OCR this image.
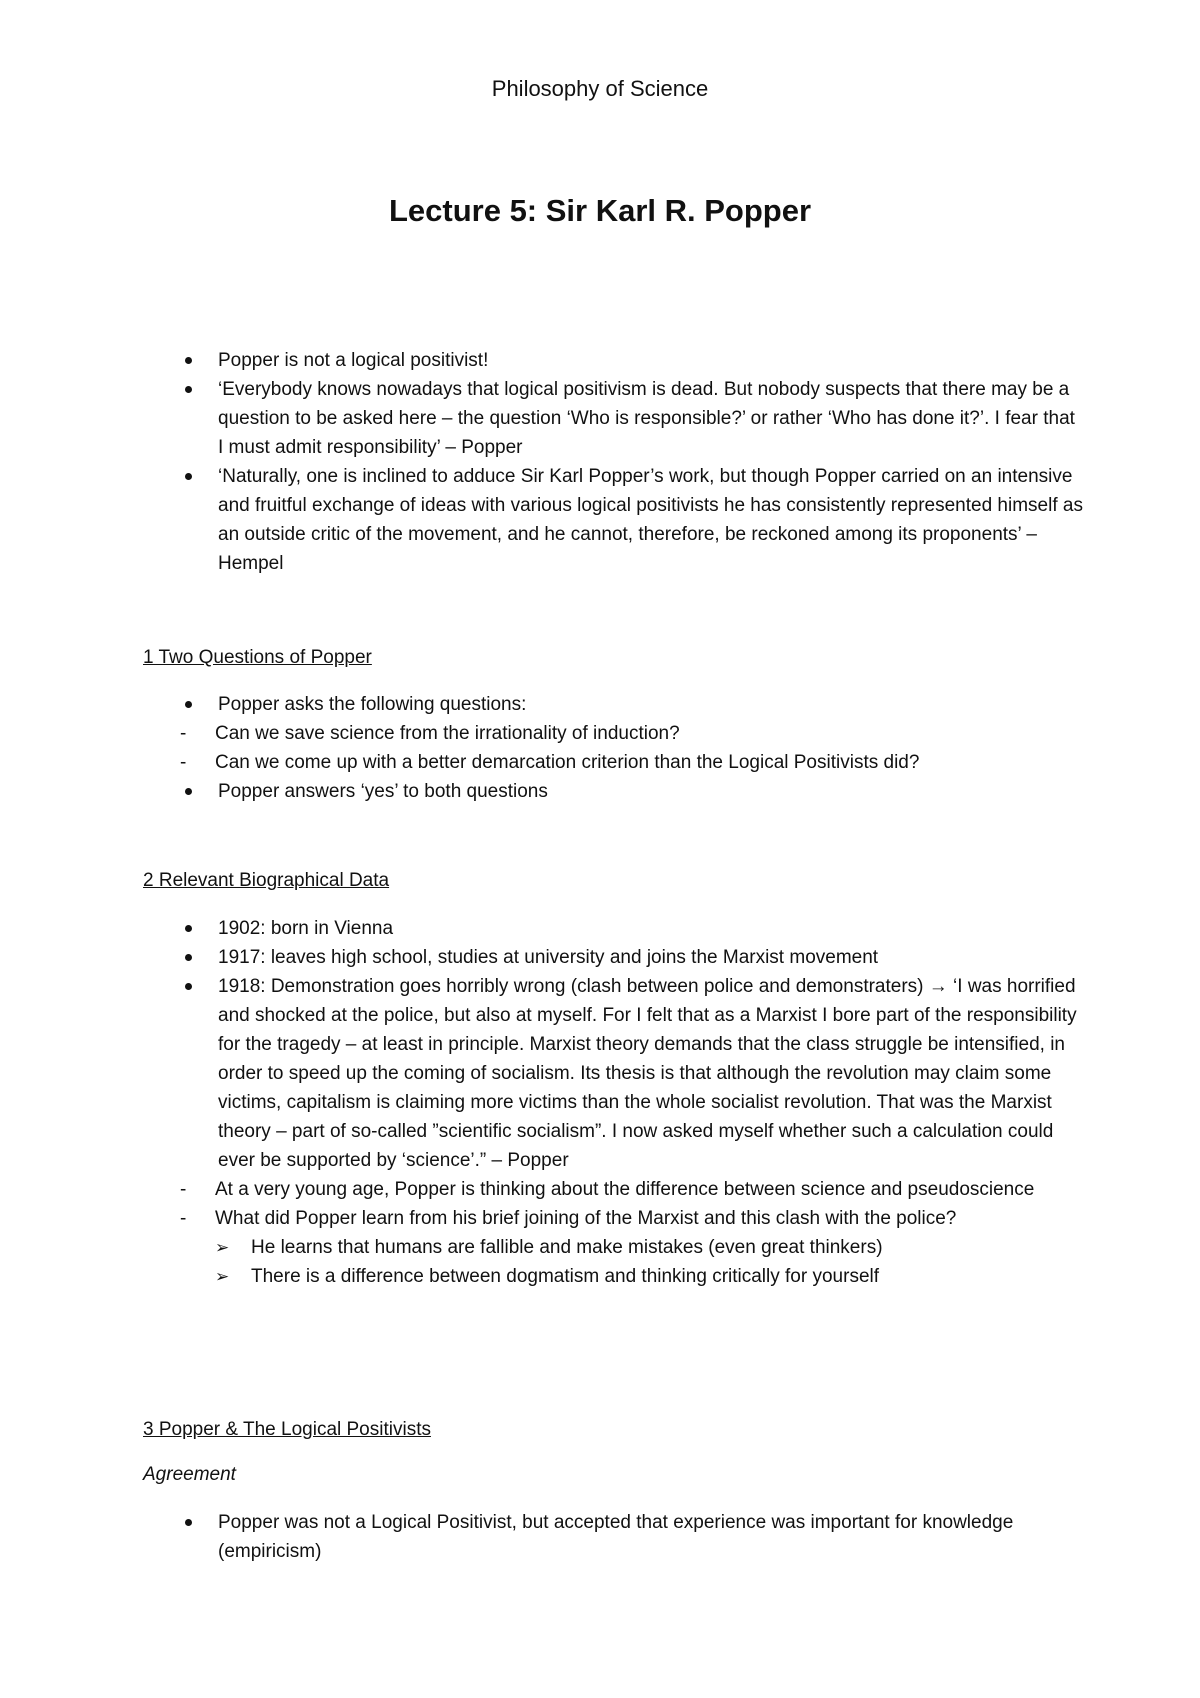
Philosophy of Science
Lecture 5: Sir Karl R. Popper
Popper is not a logical positivist!
‘Everybody knows nowadays that logical positivism is dead. But nobody suspects that there may be a question to be asked here – the question ‘Who is responsible?’ or rather ‘Who has done it?’. I fear that I must admit responsibility’ – Popper
‘Naturally, one is inclined to adduce Sir Karl Popper’s work, but though Popper carried on an intensive and fruitful exchange of ideas with various logical positivists he has consistently represented himself as an outside critic of the movement, and he cannot, therefore, be reckoned among its proponents’ – Hempel
1 Two Questions of Popper
Popper asks the following questions:
- Can we save science from the irrationality of induction?
- Can we come up with a better demarcation criterion than the Logical Positivists did?
Popper answers ‘yes’ to both questions
2 Relevant Biographical Data
1902: born in Vienna
1917: leaves high school, studies at university and joins the Marxist movement
1918: Demonstration goes horribly wrong (clash between police and demonstraters) → ‘I was horrified and shocked at the police, but also at myself. For I felt that as a Marxist I bore part of the responsibility for the tragedy – at least in principle. Marxist theory demands that the class struggle be intensified, in order to speed up the coming of socialism. Its thesis is that although the revolution may claim some victims, capitalism is claiming more victims than the whole socialist revolution. That was the Marxist theory – part of so-called ”scientific socialism”. I now asked myself whether such a calculation could ever be supported by ‘science’.” – Popper
- At a very young age, Popper is thinking about the difference between science and pseudoscience
- What did Popper learn from his brief joining of the Marxist and this clash with the police?
➢ He learns that humans are fallible and make mistakes (even great thinkers)
➢ There is a difference between dogmatism and thinking critically for yourself
3 Popper & The Logical Positivists
Agreement
Popper was not a Logical Positivist, but accepted that experience was important for knowledge (empiricism)
